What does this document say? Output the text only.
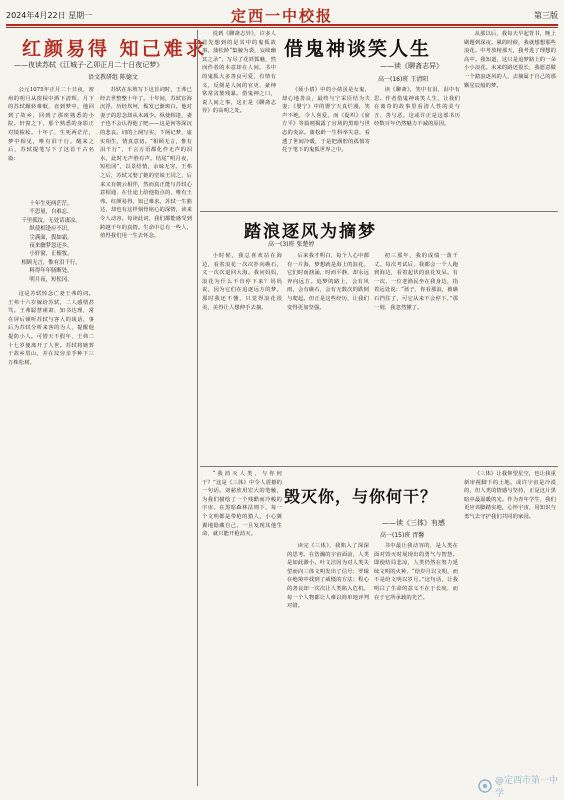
2024年4月22日 星期一	定西一中校报	第三版
红颜易得 知己难求
——夜读苏轼《江城子·乙卯正月二十日夜记梦》
语文教研组 陈德文

公元1075年正月二十日夜，密州的明月从窗棂中洒下清辉，月下的苏轼辗转难眠，直到梦中，他回到了故乡，回到了那座熟悉的小院。轩窗之下，那个熟悉的身影正对镜梳妆。十年了，生死两茫茫，梦中相见，唯有泪千行。醒来之后，苏轼提笔写下了这首千古名篇：

十年生死两茫茫，
不思量，自难忘。
千里孤坟，无处话凄凉。
纵使相逢应不识，
尘满面，鬓如霜。
夜来幽梦忽还乡，
小轩窗，正梳妆。
相顾无言，惟有泪千行。
料得年年肠断处，
明月夜，短松冈。

这是苏轼悼念亡妻王弗的词。王弗十六岁嫁给苏轼，二人感情甚笃。王弗聪慧谨肃，知书达理，常在屏后倾听苏轼与客人的谈话，事后为苏轼分析来客的为人，提醒他提防小人。可惜天不假年，王弗二十七岁便离开了人世。苏轼将她葬于故乡眉山，并在坟旁亲手种下三万株松树。

苏轼在东坡写下这首词时，王弗已经去世整整十年了。十年间，苏轼宦海沉浮，历经坎坷，鬓发已渐斑白。他对妻子的思念却从未减少。纵使相逢，妻子也不会认得他了吧——这是何等深沉的悲哀。词的上阕写实，下阕记梦，虚实相生，情真意切。“相顾无言，惟有泪千行”，千言万语都化作无声的泪水，此时无声胜有声。结尾“明月夜，短松冈”，以景结情，余味无穷。王弗之后，苏轼又娶了她的堂妹王闰之，后来又有朝云相伴，然而真正能与苏轼心意相通、在仕途上给他指点的，唯有王弗。红颜易得，知己难求。苏轼一生豁达，却也有这样刻骨铭心的深情，读来令人动容。每读此词，我们都能感受到跨越千年的真情。生命中总有一些人，值得我们用一生去怀念。

说到《聊斋志异》，许多人首先想到的是其中的鬼狐故事。蒲松龄“集腋为裘，妄续幽冥之录”，写尽了花妖狐魅，然而作者的本意却在人间。书中的鬼狐大多善良可爱，有情有义，反倒是人间的官吏、豪绅常常贪婪残暴。借鬼神之口，说人间之事，这正是《聊斋志异》的高明之处。

借鬼神谈笑人生
——读《聊斋志异》
高一(16)班 王清阳

《聂小倩》中的小倩虽是女鬼，却心地善良，最终与宁采臣结为夫妻；《婴宁》中的婴宁天真烂漫，笑声不绝，令人喜爱。而《促织》《席方平》等篇则揭露了官场的黑暗与世态的炎凉。蒲松龄一生科举失意，看透了世间冷暖，于是把满腔的孤愤寄托于笔下的鬼狐世界之中。

读《聊斋》，笑中有泪，泪中有思。作者借鬼神谈笑人生，让我们在离奇的故事里看清人性的美与丑、善与恶。这或许正是这部书历经数百年仍然魅力不减的原因。

踏浪逐风为摘梦
高一(3)班 张楚婷

小时候，我总喜欢站在海边，看着浪花一次次扑向礁石，又一次次退回大海。我问妈妈，浪花为什么不肯停下来？妈妈说，因为它们在追逐远方的梦。那时我还不懂，只觉得浪花很美，美得让人想伸手去摘。

后来我才明白，每个人心中都有一片海，梦想就是海上的浪花。它们时而汹涌，时而平静，却永远奔向远方。追梦的路上，会有风雨，会有礁石，会有无数次的跌倒与爬起。但正是这些经历，让我们变得更加坚强。

初三那年，我的成绩一落千丈。每次考试后，我都会一个人跑到海边，看着起伏的浪花发呆。有一次，一位老渔民坐在我身边，指着远处说：“孩子，你看那浪，被礁石挡住了，可它从来不会停下。”那一刻，我忽然懂了。

从那以后，我每天早起背书，晚上刷题到深夜。累的时候，我就想想那些浪花。中考放榜那天，我考进了理想的高中。我知道，这只是追梦路上的一朵小小浪花。未来的路还很长，我愿意做一个踏浪逐风的人，去摘属于自己的那颗星辰般的梦。

“我消灭人类，与你何干？”这是《三体》中令人震撼的一句话。刘慈欣用宏大的笔触，为我们描绘了一个残酷而冷峻的宇宙。在黑暗森林法则下，每一个文明都是带枪的猎人，小心翼翼地隐藏自己，一旦发现其他生命，就只能开枪消灭。

毁灭你，与你何干？
——读《三体》有感
高一(15)班 胥馨

读完《三体》，我陷入了深深的思考。在浩瀚的宇宙面前，人类是如此渺小。叶文洁因为对人类失望而向三体文明发出了信号；罗辑在绝境中找到了威慑的方法；程心的善良却一次次让人类陷入危机。每一个人物都让人难以简单地评判对错。

书中最让我动容的，是人类在面对毁灭时展现出的勇气与智慧。即使结局悲凉，人类仍然在努力延续文明的火种。“给岁月以文明，而不是给文明以岁月。”这句话，让我明白了生命的意义不在于长度，而在于它所承载的光芒。

《三体》让我仰望星空，也让我重新审视脚下的土地。或许宇宙是冷漠的，但人类的情感与坚持，正是这片黑暗中最温暖的光。作为青年学生，我们更应该脚踏实地，心怀宇宙，用知识与勇气去守护我们共同的家园。

@定西市第一中学
